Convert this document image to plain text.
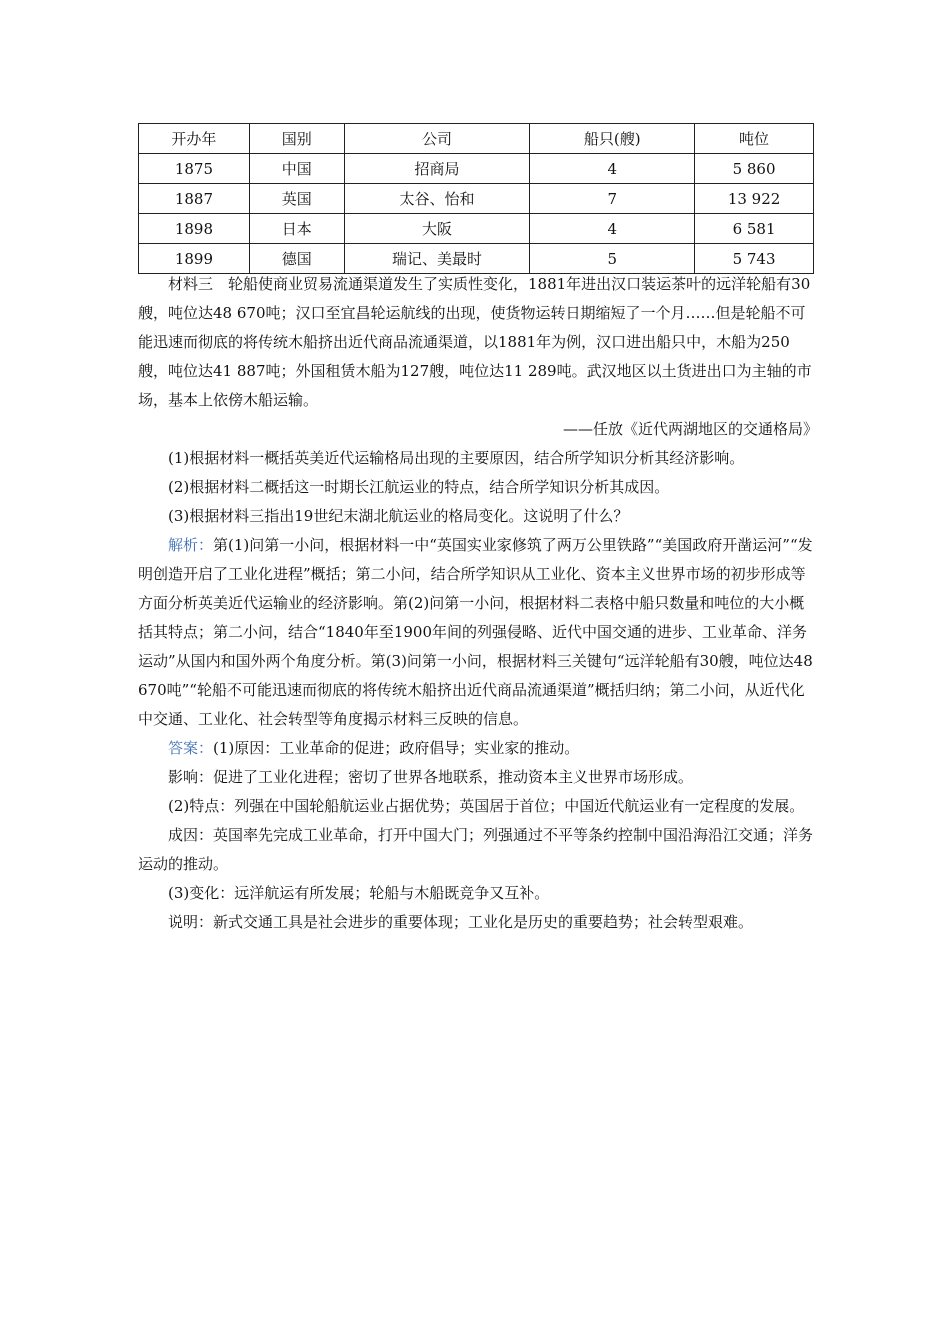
开办年	国别	公司	船只(艘)	吨位
1875	中国	招商局	4	5 860
1887	英国	太谷、怡和	7	13 922
1898	日本	大阪	4	6 581
1899	德国	瑞记、美最时	5	5 743

材料三　轮船使商业贸易流通渠道发生了实质性变化，1881年进出汉口装运茶叶的远洋轮船有30艘，吨位达48 670吨；汉口至宜昌轮运航线的出现，使货物运转日期缩短了一个月……但是轮船不可能迅速而彻底的将传统木船挤出近代商品流通渠道，以1881年为例，汉口进出船只中，木船为250艘，吨位达41 887吨；外国租赁木船为127艘，吨位达11 289吨。武汉地区以土货进出口为主轴的市场，基本上依傍木船运输。

——任放《近代两湖地区的交通格局》

(1)根据材料一概括英美近代运输格局出现的主要原因，结合所学知识分析其经济影响。

(2)根据材料二概括这一时期长江航运业的特点，结合所学知识分析其成因。

(3)根据材料三指出19世纪末湖北航运业的格局变化。这说明了什么？

解析：第(1)问第一小问，根据材料一中“英国实业家修筑了两万公里铁路”“美国政府开凿运河”“发明创造开启了工业化进程”概括；第二小问，结合所学知识从工业化、资本主义世界市场的初步形成等方面分析英美近代运输业的经济影响。第(2)问第一小问，根据材料二表格中船只数量和吨位的大小概括其特点；第二小问，结合“1840年至1900年间的列强侵略、近代中国交通的进步、工业革命、洋务运动”从国内和国外两个角度分析。第(3)问第一小问，根据材料三关键句“远洋轮船有30艘，吨位达48 670吨”“轮船不可能迅速而彻底的将传统木船挤出近代商品流通渠道”概括归纳；第二小问，从近代化中交通、工业化、社会转型等角度揭示材料三反映的信息。

答案：(1)原因：工业革命的促进；政府倡导；实业家的推动。

影响：促进了工业化进程；密切了世界各地联系，推动资本主义世界市场形成。

(2)特点：列强在中国轮船航运业占据优势；英国居于首位；中国近代航运业有一定程度的发展。

成因：英国率先完成工业革命，打开中国大门；列强通过不平等条约控制中国沿海沿江交通；洋务运动的推动。

(3)变化：远洋航运有所发展；轮船与木船既竞争又互补。

说明：新式交通工具是社会进步的重要体现；工业化是历史的重要趋势；社会转型艰难。
